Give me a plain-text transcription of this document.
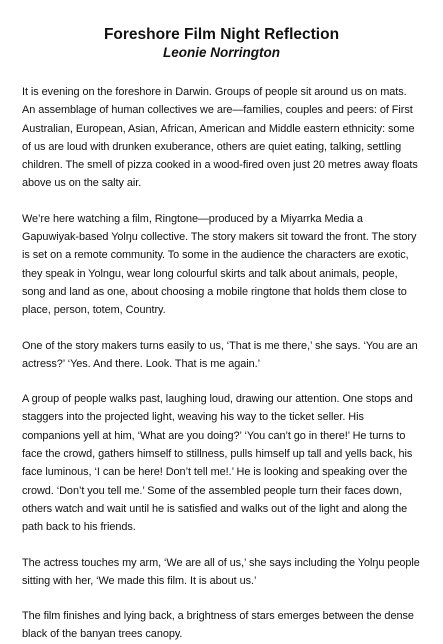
Foreshore Film Night Reflection
Leonie Norrington

It is evening on the foreshore in Darwin. Groups of people sit around us on mats. An assemblage of human collectives we are—families, couples and peers: of First Australian, European, Asian, African, American and Middle eastern ethnicity: some of us are loud with drunken exuberance, others are quiet eating, talking, settling children. The smell of pizza cooked in a wood-fired oven just 20 metres away floats above us on the salty air.

We’re here watching a film, Ringtone—produced by a Miyarrka Media a Gapuwiyak-based Yolŋu collective. The story makers sit toward the front. The story is set on a remote community. To some in the audience the characters are exotic, they speak in Yolngu, wear long colourful skirts and talk about animals, people, song and land as one, about choosing a mobile ringtone that holds them close to place, person, totem, Country.

One of the story makers turns easily to us, ‘That is me there,’ she says. ‘You are an actress?’ ‘Yes. And there. Look. That is me again.’

A group of people walks past, laughing loud, drawing our attention. One stops and staggers into the projected light, weaving his way to the ticket seller. His companions yell at him, ‘What are you doing?’ ‘You can’t go in there!’ He turns to face the crowd, gathers himself to stillness, pulls himself up tall and yells back, his face luminous, ‘I can be here! Don’t tell me!.’ He is looking and speaking over the crowd. ‘Don’t you tell me.’ Some of the assembled people turn their faces down, others watch and wait until he is satisfied and walks out of the light and along the path back to his friends.

The actress touches my arm, ‘We are all of us,’ she says including the Yolŋu people sitting with her, ‘We made this film. It is about us.’

The film finishes and lying back, a brightness of stars emerges between the dense black of the banyan trees canopy.
